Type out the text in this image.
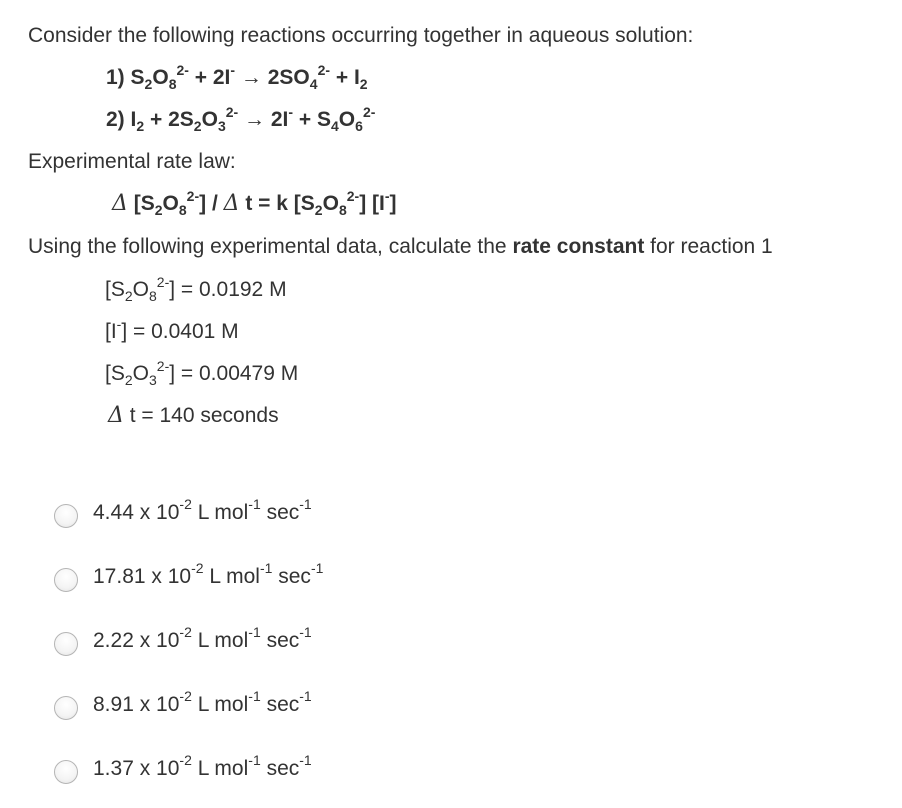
Consider the following reactions occurring together in aqueous solution:
1) $S_2O_8^{2-} + 2I^- \to 2SO_4^{2-} + I_2$
2) $I_2 + 2S_2O_3^{2-} \to 2I^- + S_4O_6^{2-}$
Experimental rate law:
Δ $[S_2O_8^{2-}]$ / Δ t = k $[S_2O_8^{2-}]$ [I-]
Using the following experimental data, calculate the rate constant for reaction 1
$[S_2O_8^{2-}] = 0.0192$ M
[I-] = 0.0401 M
$[S_2O_3^{2-}] = 0.00479$ M
Δ t = 140 seconds
4.44 x $10^{-2}$ L mol$^{-1}$ $\sec^{-1}$
17.81 x $10^{-2}$ L mol$^{-1}$ $\sec^{-1}$
2.22 x $10^{-2}$ L mol$^{-1}$ $\sec^{-1}$
8.91 x $10^{-2}$ L mol$^{-1}$ $\sec^{-1}$
1.37 x $10^{-2}$ L mol$^{-1}$ $\sec^{-1}$
